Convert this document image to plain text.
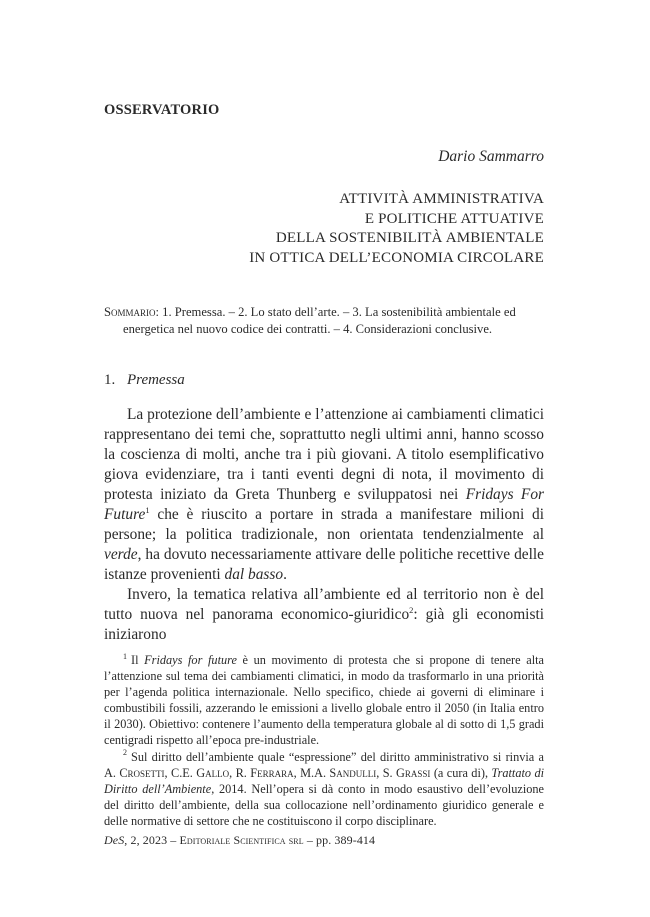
OSSERVATORIO
Dario Sammarro
ATTIVITÀ AMMINISTRATIVA
E POLITICHE ATTUATIVE
DELLA SOSTENIBILITÀ AMBIENTALE
IN OTTICA DELL’ECONOMIA CIRCOLARE
Sommario: 1. Premessa. – 2. Lo stato dell’arte. – 3. La sostenibilità ambientale ed
energetica nel nuovo codice dei contratti. – 4. Considerazioni conclusive.
1. Premessa

La protezione dell’ambiente e l’attenzione ai cambiamenti climatici rappresentano dei temi che, soprattutto negli ultimi anni, hanno scosso la coscienza di molti, anche tra i più giovani. A titolo esemplificativo giova evidenziare, tra i tanti eventi degni di nota, il movimento di protesta iniziato da Greta Thunberg e sviluppatosi nei Fridays For Future$^1$ che è riuscito a portare in strada a manifestare milioni di persone; la politica tradizionale, non orientata tendenzialmente al verde, ha dovuto necessariamente attivare delle politiche recettive delle istanze provenienti dal basso.

Invero, la tematica relativa all’ambiente ed al territorio non è del tutto nuova nel panorama economico-giuridico$^2$: già gli economisti iniziarono

$^1$ Il Fridays for future è un movimento di protesta che si propone di tenere alta l’attenzione sul tema dei cambiamenti climatici, in modo da trasformarlo in una priorità per l’agenda politica internazionale. Nello specifico, chiede ai governi di eliminare i combustibili fossili, azzerando le emissioni a livello globale entro il 2050 (in Italia entro il 2030). Obiettivo: contenere l’aumento della temperatura globale al di sotto di 1,5 gradi centigradi rispetto all’epoca pre-industriale.

$^2$ Sul diritto dell’ambiente quale “espressione” del diritto amministrativo si rinvia a A. Crosetti, C.E. Gallo, R. Ferrara, M.A. Sandulli, S. Grassi (a cura di), Trattato di Diritto dell’Ambiente, 2014. Nell’opera si dà conto in modo esaustivo dell’evoluzione del diritto dell’ambiente, della sua collocazione nell’ordinamento giuridico generale e delle normative di settore che ne costituiscono il corpo disciplinare.

DeS, 2, 2023 – Editoriale Scientifica srl – pp. 389-414
